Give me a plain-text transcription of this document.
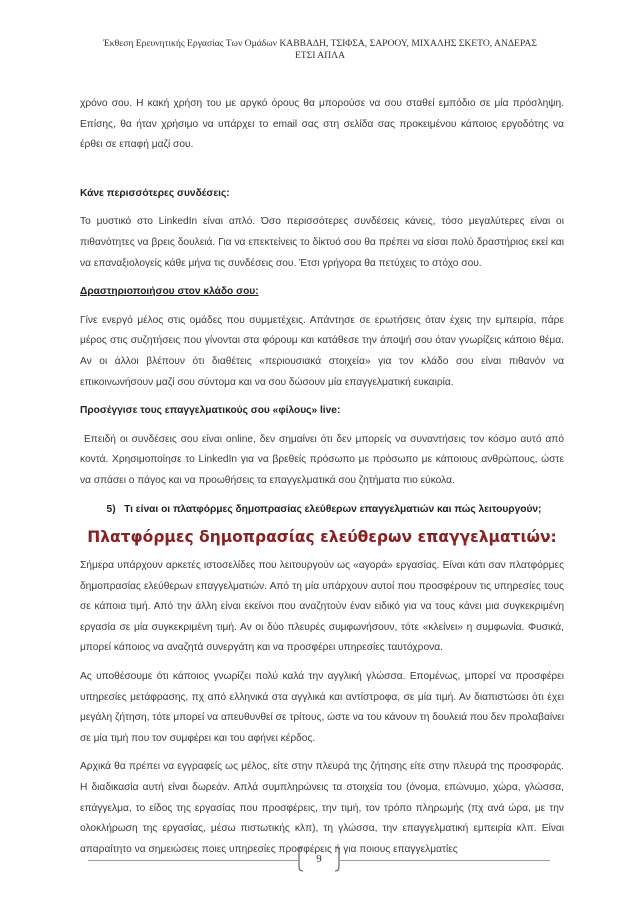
Έκθεση Ερευνητικής Εργασίας Των Ομάδων ΚΑΒΒΑΔΗ, ΤΣΙΦΣΑ, ΣΑΡΟΟΥ, ΜΙΧΑΛΗΣ ΣΚΕΤΟ, ΑΝΔΕΡΑΣ
ΕΤΣΙ ΑΠΛΑ

χρόνο σου. Η κακή χρήση του με αργκό όρους θα μπορούσε να σου σταθεί εμπόδιο σε μία πρόσληψη. Επίσης, θα ήταν χρήσιμο να υπάρχει το email σας στη σελίδα σας προκειμένου κάποιος εργοδότης να έρθει σε επαφή μαζί σου.

Κάνε περισσότερες συνδέσεις:

Το μυστικό στο LinkedIn είναι απλό. Όσο περισσότερες συνδέσεις κάνεις, τόσο μεγαλύτερες είναι οι πιθανότητες να βρεις δουλειά. Για να επεκτείνεις το δίκτυό σου θα πρέπει να είσαι πολύ δραστήριος εκεί και να επαναξιολογείς κάθε μήνα τις συνδέσεις σου. Έτσι γρήγορα θα πετύχεις το στόχο σου.

Δραστηριοποιήσου στον κλάδο σου:

Γίνε ενεργό μέλος στις ομάδες που συμμετέχεις. Απάντησε σε ερωτήσεις όταν έχεις την εμπειρία, πάρε μέρος στις συζητήσεις που γίνονται στα φόρουμ και κατάθεσε την άποψή σου όταν γνωρίζεις κάποιο θέμα. Αν οι άλλοι βλέπουν ότι διαθέτεις «περιουσιακά στοιχεία» για τον κλάδο σου είναι πιθανόν να επικοινωνήσουν μαζί σου σύντομα και να σου δώσουν μία επαγγελματική ευκαιρία.

Προσέγγισε τους επαγγελματικούς σου «φίλους» live:

Επειδή οι συνδέσεις σου είναι online, δεν σημαίνει ότι δεν μπορείς να συναντήσεις τον κόσμο αυτό από κοντά. Χρησιμοποίησε το LinkedIn για να βρεθείς πρόσωπο με πρόσωπο με κάποιους ανθρώπους, ώστε να σπάσει ο πάγος και να προωθήσεις τα επαγγελματικά σου ζητήματα πιο εύκολα.

5) Τι είναι οι πλατφόρμες δημοπρασίας ελεύθερων επαγγελματιών και πώς λειτουργούν;

Πλατφόρμες δημοπρασίας ελεύθερων επαγγελματιών:

Σήμερα υπάρχουν αρκετές ιστοσελίδες που λειτουργούν ως «αγορά» εργασίας. Είναι κάτι σαν πλατφόρμες δημοπρασίας ελεύθερων επαγγελματιών. Από τη μία υπάρχουν αυτοί που προσφέρουν τις υπηρεσίες τους σε κάποια τιμή. Από την άλλη είναι εκείνοι που αναζητούν έναν ειδικό για να τους κάνει μια συγκεκριμένη εργασία σε μία συγκεκριμένη τιμή. Αν οι δύο πλευρές συμφωνήσουν, τότε «κλείνει» η συμφωνία. Φυσικά, μπορεί κάποιος να αναζητά συνεργάτη και να προσφέρει υπηρεσίες ταυτόχρονα.

Ας υποθέσουμε ότι κάποιος γνωρίζει πολύ καλά την αγγλική γλώσσα. Επομένως, μπορεί να προσφέρει υπηρεσίες μετάφρασης, πχ από ελληνικά στα αγγλικά και αντίστροφα, σε μία τιμή. Αν διαπιστώσει ότι έχει μεγάλη ζήτηση, τότε μπορεί να απευθυνθεί σε τρίτους, ώστε να του κάνουν τη δουλειά που δεν προλαβαίνει σε μία τιμή που τον συμφέρει και του αφήνει κέρδος.

Αρχικά θα πρέπει να εγγραφείς ως μέλος, είτε στην πλευρά της ζήτησης είτε στην πλευρά της προσφοράς. Η διαδικασία αυτή είναι δωρεάν. Απλά συμπληρώνεις τα στοιχεία του (όνομα, επώνυμο, χώρα, γλώσσα, επάγγελμα, το είδος της εργασίας που προσφέρεις, την τιμή, τον τρόπο πληρωμής (πχ ανά ώρα, με την ολοκλήρωση της εργασίας, μέσω πιστωτικής κλπ), τη γλώσσα, την επαγγελματική εμπειρία κλπ. Είναι απαραίτητο να σημειώσεις ποιες υπηρεσίες προσφέρεις ή για ποιους επαγγελματίες

9
